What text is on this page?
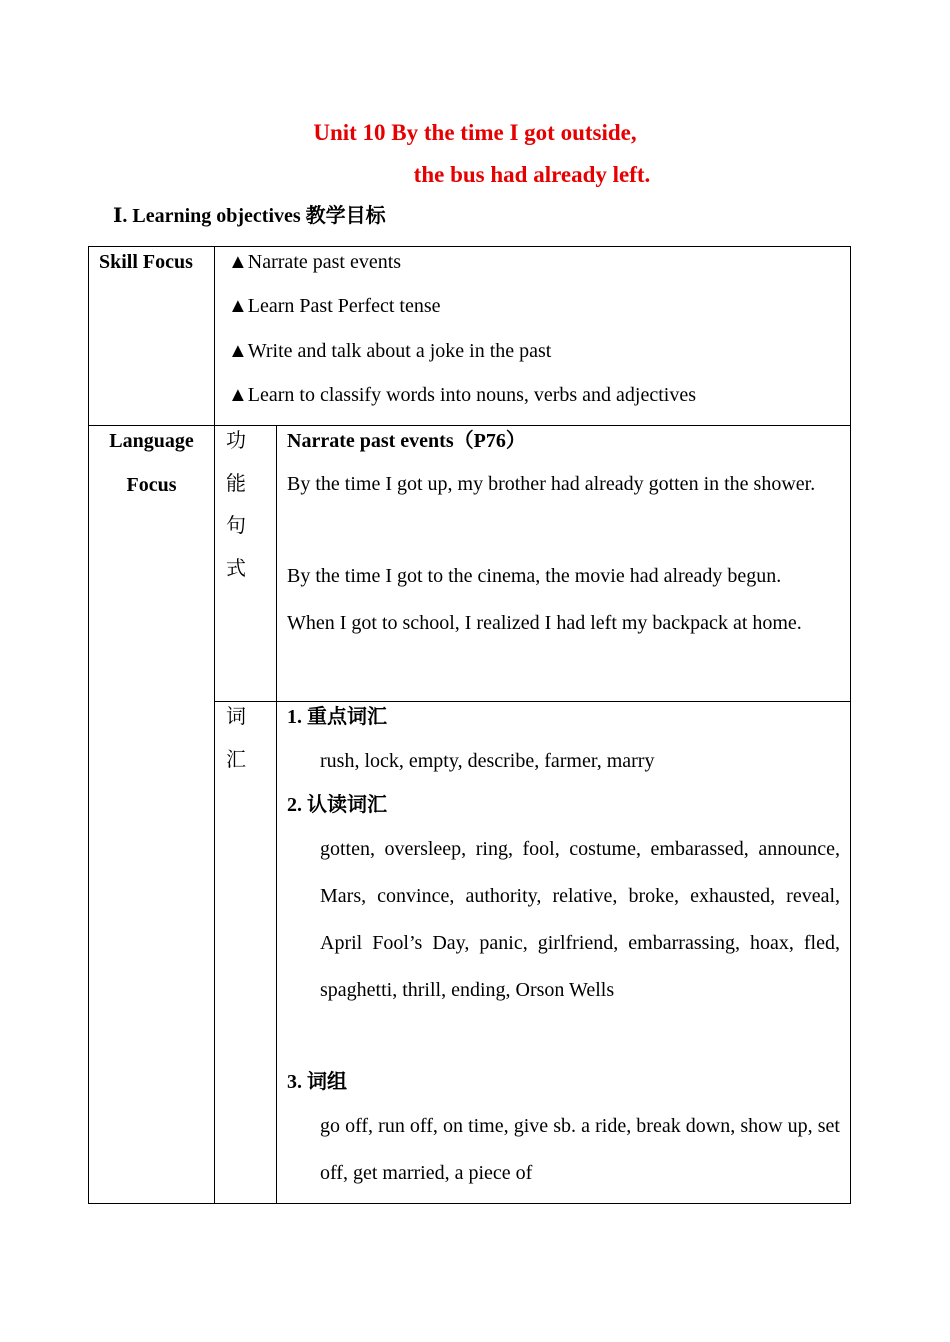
Unit 10 By the time I got outside,
the bus had already left.
Ⅰ. Learning objectives 教学目标
Skill Focus ▲Narrate past events
▲Learn Past Perfect tense
▲Write and talk about a joke in the past
▲Learn to classify words into nouns, verbs and adjectives
Language
Focus
功
能
句
式
Narrate past events（P76）
By the time I got up, my brother had already gotten in the shower.
By the time I got to the cinema, the movie had already begun.
When I got to school, I realized I had left my backpack at home.
词
汇
1. 重点词汇
rush, lock, empty, describe, farmer, marry
2. 认读词汇
gotten, oversleep, ring, fool, costume, embarassed, announce, Mars, convince, authority, relative, broke, exhausted, reveal, April Fool’s Day, panic, girlfriend, embarrassing, hoax, fled, spaghetti, thrill, ending, Orson Wells
3. 词组
go off, run off, on time, give sb. a ride, break down, show up, set off, get married, a piece of
